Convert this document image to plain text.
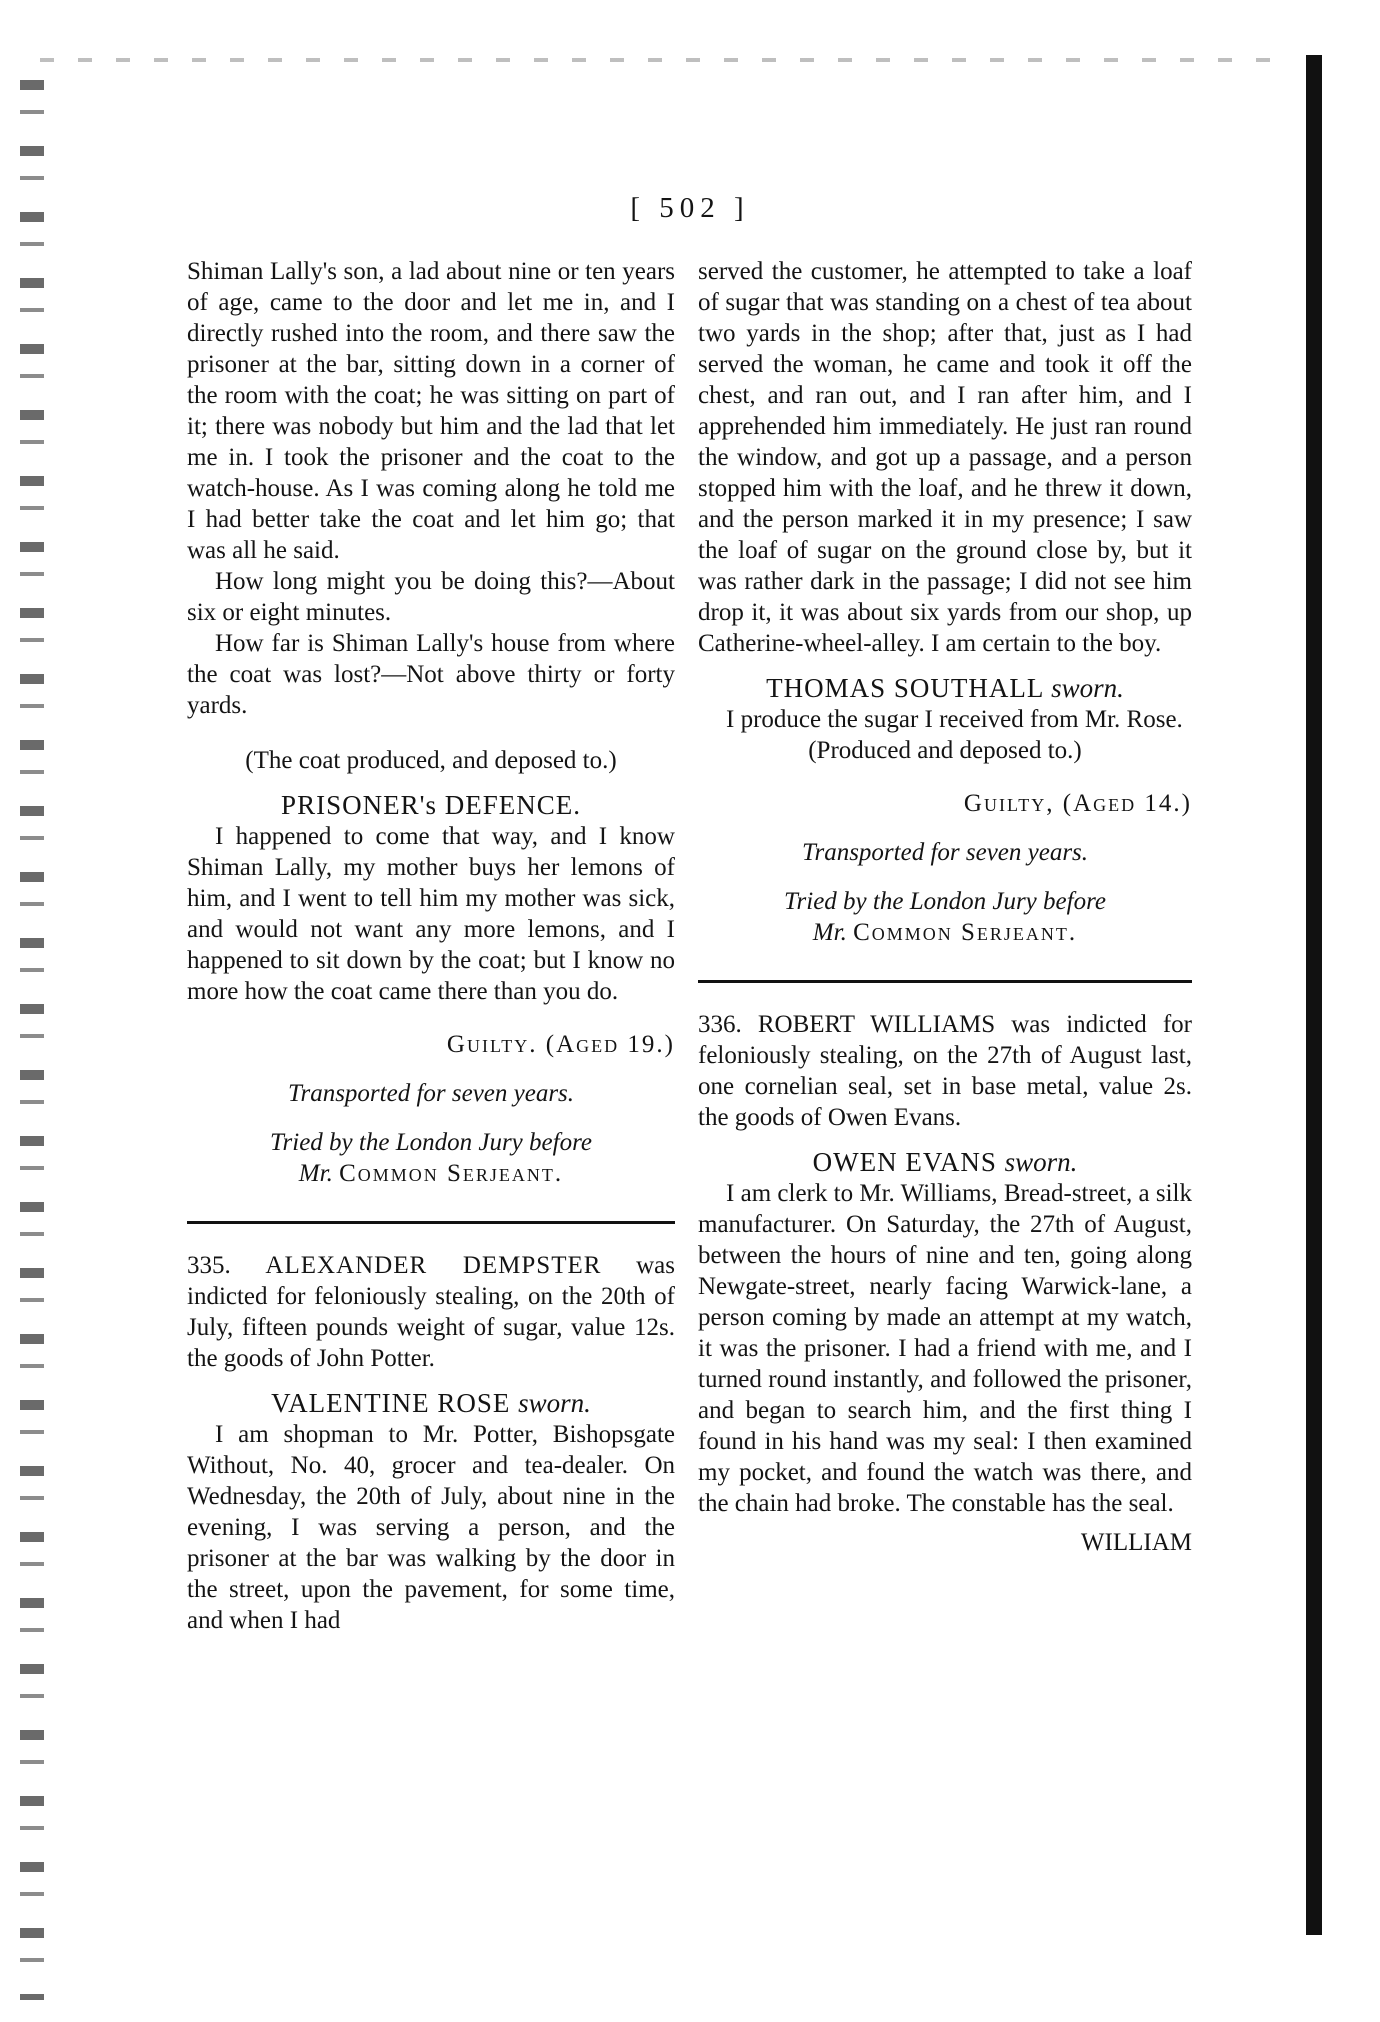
[ 502 ]

Shiman Lally's son, a lad about nine or ten years of age, came to the door and let me in, and I directly rushed into the room, and there saw the prisoner at the bar, sitting down in a corner of the room with the coat; he was sitting on part of it; there was nobody but him and the lad that let me in. I took the prisoner and the coat to the watch-house. As I was coming along he told me I had better take the coat and let him go; that was all he said.

How long might you be doing this?—About six or eight minutes.

How far is Shiman Lally's house from where the coat was lost?—Not above thirty or forty yards.

(The coat produced, and deposed to.)

PRISONER's DEFENCE.

I happened to come that way, and I know Shiman Lally, my mother buys her lemons of him, and I went to tell him my mother was sick, and would not want any more lemons, and I happened to sit down by the coat; but I know no more how the coat came there than you do.

Guilty. (Aged 19.)

Transported for seven years.

Tried by the London Jury before
Mr. Common Serjeant.

335. ALEXANDER DEMPSTER was indicted for feloniously stealing, on the 20th of July, fifteen pounds weight of sugar, value 12s. the goods of John Potter.

VALENTINE ROSE sworn.

I am shopman to Mr. Potter, Bishopsgate Without, No. 40, grocer and tea-dealer. On Wednesday, the 20th of July, about nine in the evening, I was serving a person, and the prisoner at the bar was walking by the door in the street, upon the pavement, for some time, and when I had

served the customer, he attempted to take a loaf of sugar that was standing on a chest of tea about two yards in the shop; after that, just as I had served the woman, he came and took it off the chest, and ran out, and I ran after him, and I apprehended him immediately. He just ran round the window, and got up a passage, and a person stopped him with the loaf, and he threw it down, and the person marked it in my presence; I saw the loaf of sugar on the ground close by, but it was rather dark in the passage; I did not see him drop it, it was about six yards from our shop, up Catherine-wheel-alley. I am certain to the boy.

THOMAS SOUTHALL sworn.

I produce the sugar I received from Mr. Rose.

(Produced and deposed to.)

Guilty, (Aged 14.)

Transported for seven years.

Tried by the London Jury before
Mr. Common Serjeant.

336. ROBERT WILLIAMS was indicted for feloniously stealing, on the 27th of August last, one cornelian seal, set in base metal, value 2s. the goods of Owen Evans.

OWEN EVANS sworn.

I am clerk to Mr. Williams, Bread-street, a silk manufacturer. On Saturday, the 27th of August, between the hours of nine and ten, going along Newgate-street, nearly facing Warwick-lane, a person coming by made an attempt at my watch, it was the prisoner. I had a friend with me, and I turned round instantly, and followed the prisoner, and began to search him, and the first thing I found in his hand was my seal: I then examined my pocket, and found the watch was there, and the chain had broke. The constable has the seal.

WILLIAM
